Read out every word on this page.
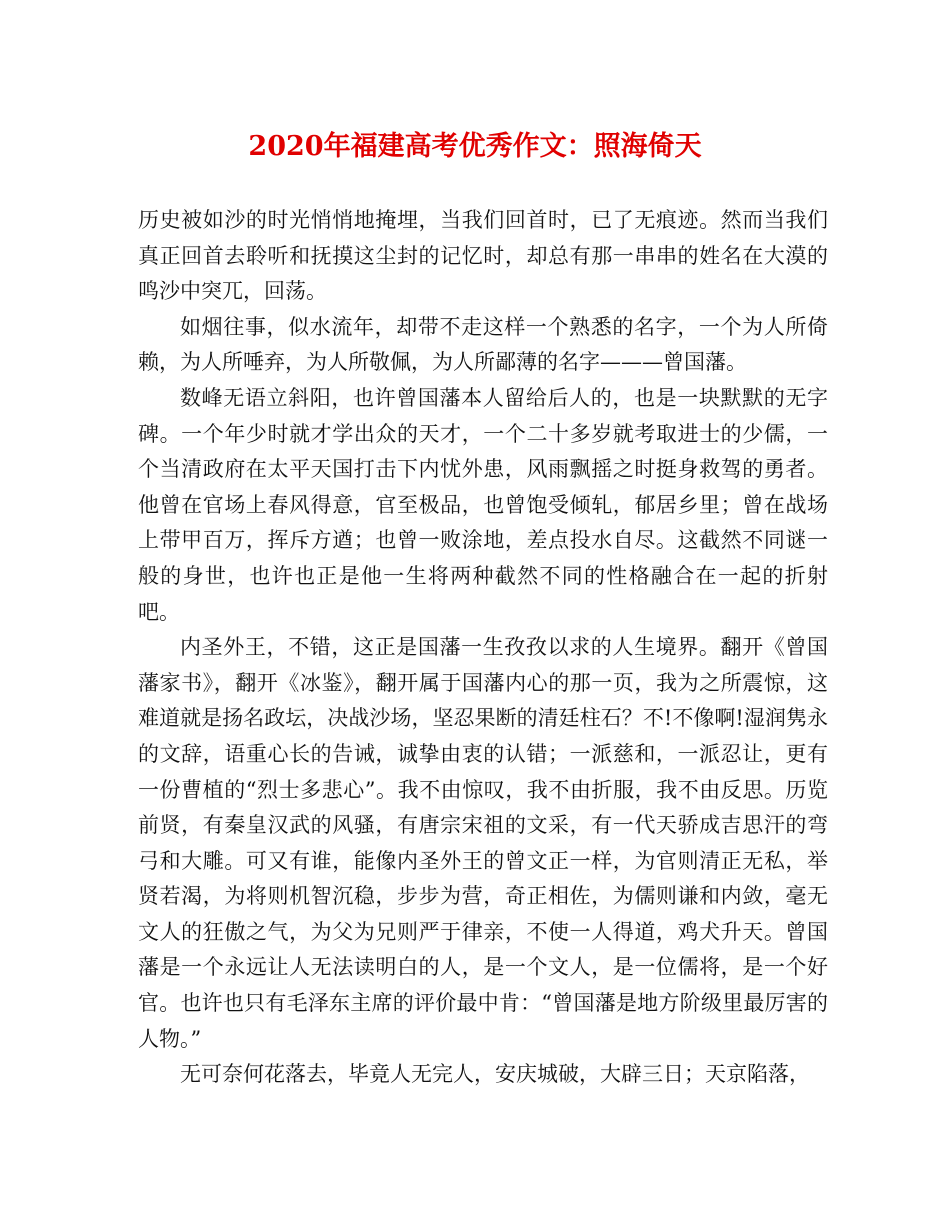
2020年福建高考优秀作文：照海倚天

历史被如沙的时光悄悄地掩埋，当我们回首时，已了无痕迹。然而当我们真正回首去聆听和抚摸这尘封的记忆时，却总有那一串串的姓名在大漠的鸣沙中突兀，回荡。

如烟往事，似水流年，却带不走这样一个熟悉的名字，一个为人所倚赖，为人所唾弃，为人所敬佩，为人所鄙薄的名字———曾国藩。

数峰无语立斜阳，也许曾国藩本人留给后人的，也是一块默默的无字碑。一个年少时就才学出众的天才，一个二十多岁就考取进士的少儒，一个当清政府在太平天国打击下内忧外患，风雨飘摇之时挺身救驾的勇者。他曾在官场上春风得意，官至极品，也曾饱受倾轧，郁居乡里；曾在战场上带甲百万，挥斥方遒；也曾一败涂地，差点投水自尽。这截然不同谜一般的身世，也许也正是他一生将两种截然不同的性格融合在一起的折射吧。

内圣外王，不错，这正是国藩一生孜孜以求的人生境界。翻开《曾国藩家书》，翻开《冰鉴》，翻开属于国藩内心的那一页，我为之所震惊，这难道就是扬名政坛，决战沙场，坚忍果断的清廷柱石？不!不像啊!湿润隽永的文辞，语重心长的告诫，诚挚由衷的认错；一派慈和，一派忍让，更有一份曹植的“烈士多悲心”。我不由惊叹，我不由折服，我不由反思。历览前贤，有秦皇汉武的风骚，有唐宗宋祖的文采，有一代天骄成吉思汗的弯弓和大雕。可又有谁，能像内圣外王的曾文正一样，为官则清正无私，举贤若渴，为将则机智沉稳，步步为营，奇正相佐，为儒则谦和内敛，毫无文人的狂傲之气，为父为兄则严于律亲，不使一人得道，鸡犬升天。曾国藩是一个永远让人无法读明白的人，是一个文人，是一位儒将，是一个好官。也许也只有毛泽东主席的评价最中肯：“曾国藩是地方阶级里最厉害的人物。”

无可奈何花落去，毕竟人无完人，安庆城破，大辟三日；天京陷落，
